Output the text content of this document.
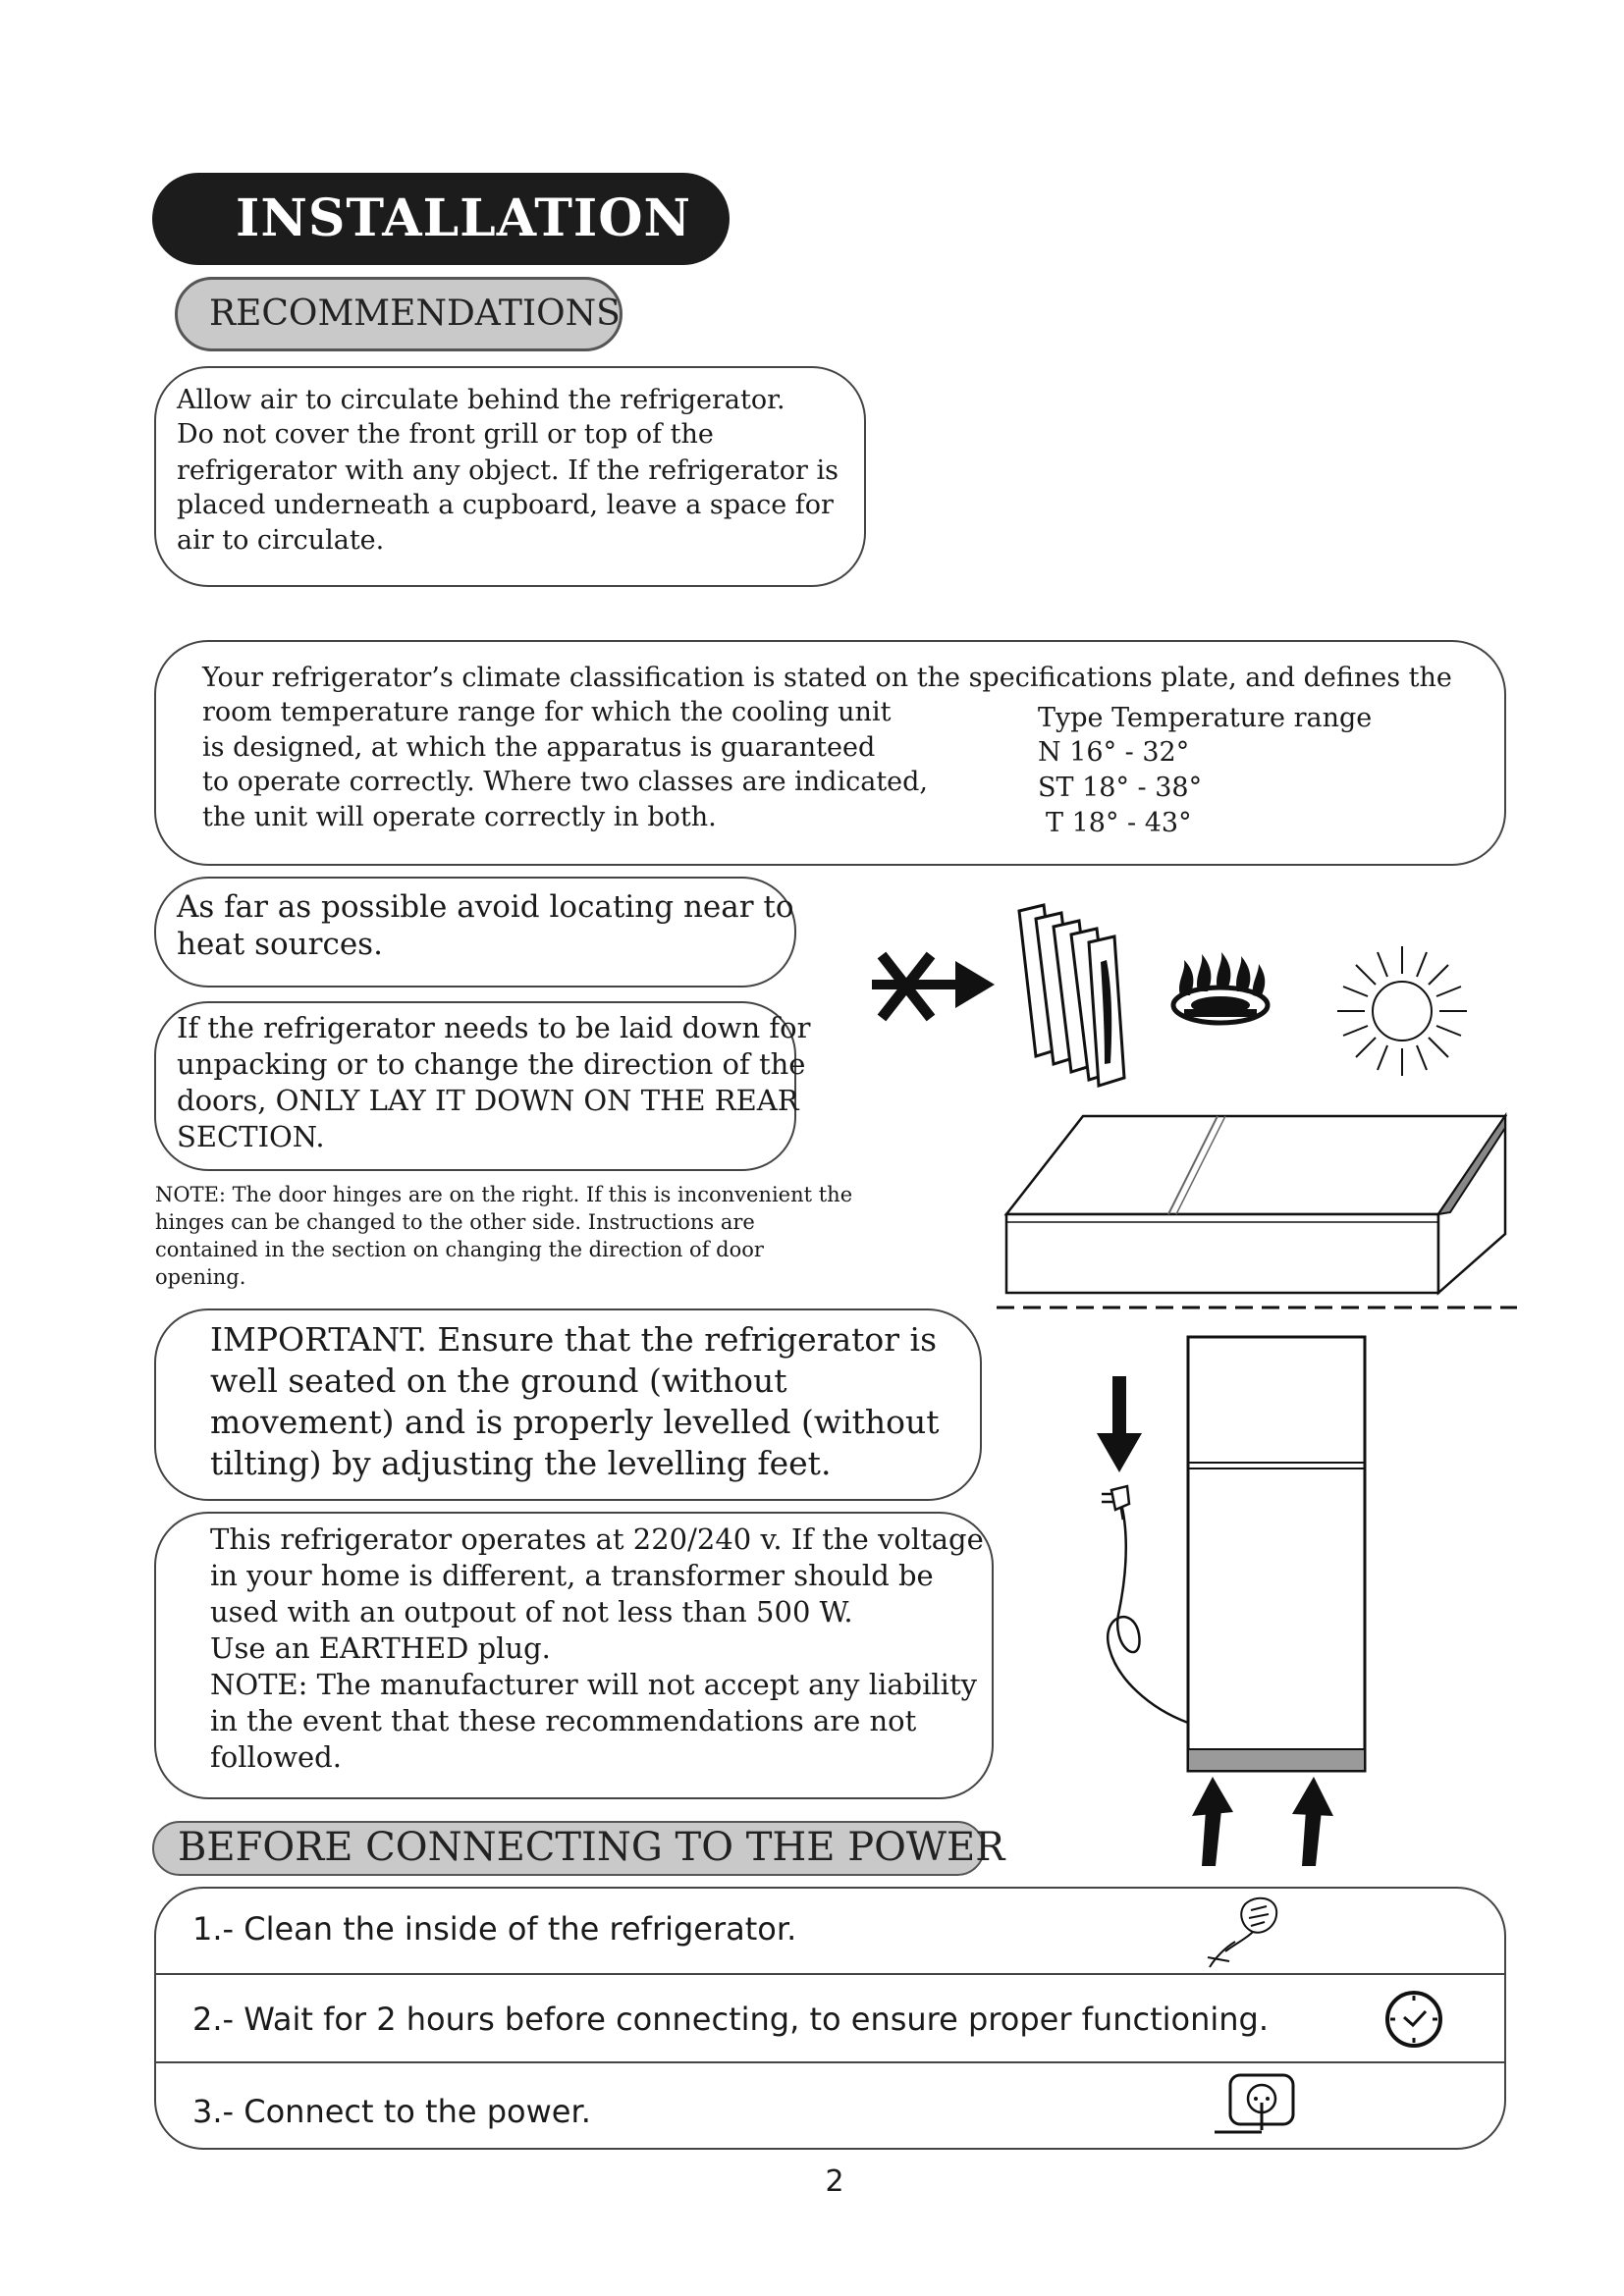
INSTALLATION
RECOMMENDATIONS
Allow air to circulate behind the refrigerator.
Do not cover the front grill or top of the
refrigerator with any object. If the refrigerator is
placed underneath a cupboard, leave a space for
air to circulate.
Your refrigerator’s climate classification is stated on the specifications plate, and defines the
room temperature range for which the cooling unit
is designed, at which the apparatus is guaranteed
to operate correctly. Where two classes are indicated,
the unit will operate correctly in both.
Type Temperature range
N 16° - 32°
ST 18° - 38°
T 18° - 43°
As far as possible avoid locating near to
heat sources.
If the refrigerator needs to be laid down for
unpacking or to change the direction of the
doors, ONLY LAY IT DOWN ON THE REAR
SECTION.
NOTE: The door hinges are on the right. If this is inconvenient the
hinges can be changed to the other side. Instructions are
contained in the section on changing the direction of door
opening.
IMPORTANT. Ensure that the refrigerator is
well seated on the ground (without
movement) and is properly levelled (without
tilting) by adjusting the levelling feet.
This refrigerator operates at 220/240 v. If the voltage
in your home is different, a transformer should be
used with an outpout of not less than 500 W.
Use an EARTHED plug.
NOTE: The manufacturer will not accept any liability
in the event that these recommendations are not
followed.
BEFORE CONNECTING TO THE POWER
1.- Clean the inside of the refrigerator.
2.- Wait for 2 hours before connecting, to ensure proper functioning.
3.- Connect to the power.
2
